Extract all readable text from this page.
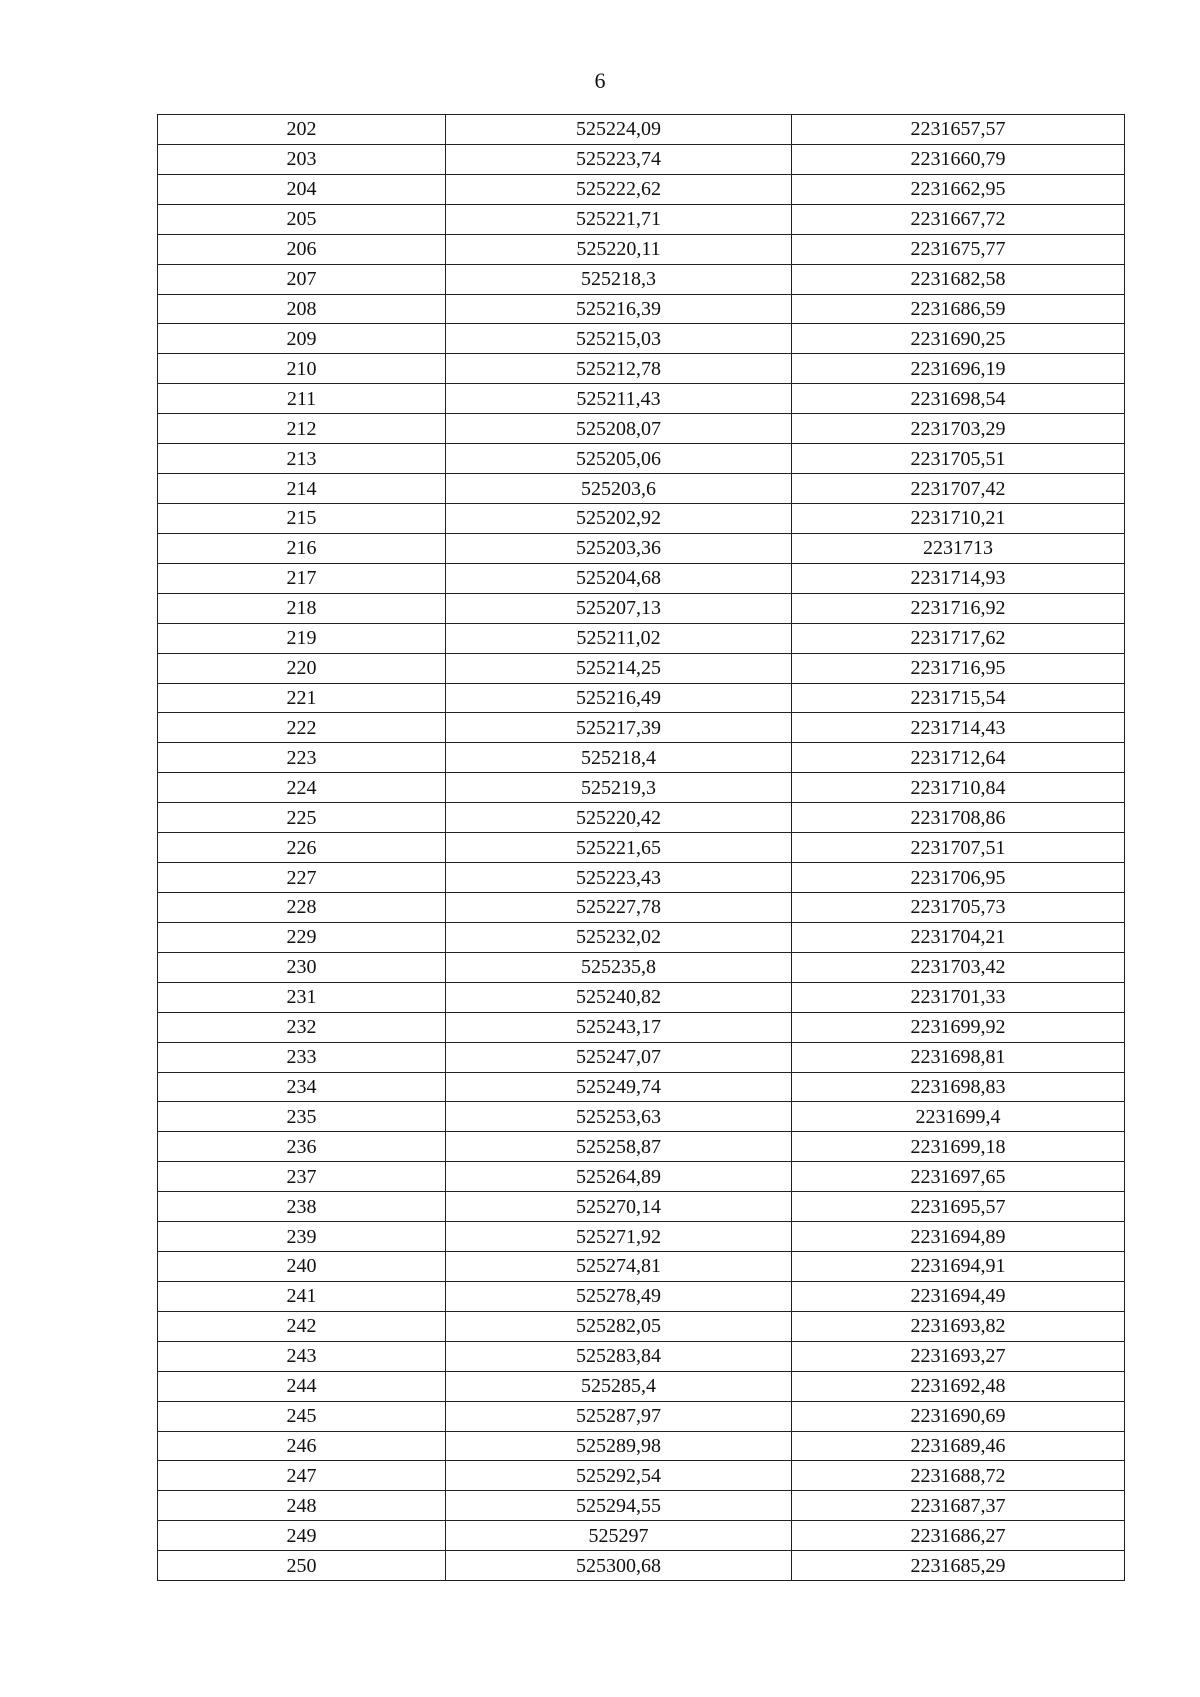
6
202	525224,09	2231657,57
203	525223,74	2231660,79
204	525222,62	2231662,95
205	525221,71	2231667,72
206	525220,11	2231675,77
207	525218,3	2231682,58
208	525216,39	2231686,59
209	525215,03	2231690,25
210	525212,78	2231696,19
211	525211,43	2231698,54
212	525208,07	2231703,29
213	525205,06	2231705,51
214	525203,6	2231707,42
215	525202,92	2231710,21
216	525203,36	2231713
217	525204,68	2231714,93
218	525207,13	2231716,92
219	525211,02	2231717,62
220	525214,25	2231716,95
221	525216,49	2231715,54
222	525217,39	2231714,43
223	525218,4	2231712,64
224	525219,3	2231710,84
225	525220,42	2231708,86
226	525221,65	2231707,51
227	525223,43	2231706,95
228	525227,78	2231705,73
229	525232,02	2231704,21
230	525235,8	2231703,42
231	525240,82	2231701,33
232	525243,17	2231699,92
233	525247,07	2231698,81
234	525249,74	2231698,83
235	525253,63	2231699,4
236	525258,87	2231699,18
237	525264,89	2231697,65
238	525270,14	2231695,57
239	525271,92	2231694,89
240	525274,81	2231694,91
241	525278,49	2231694,49
242	525282,05	2231693,82
243	525283,84	2231693,27
244	525285,4	2231692,48
245	525287,97	2231690,69
246	525289,98	2231689,46
247	525292,54	2231688,72
248	525294,55	2231687,37
249	525297	2231686,27
250	525300,68	2231685,29
